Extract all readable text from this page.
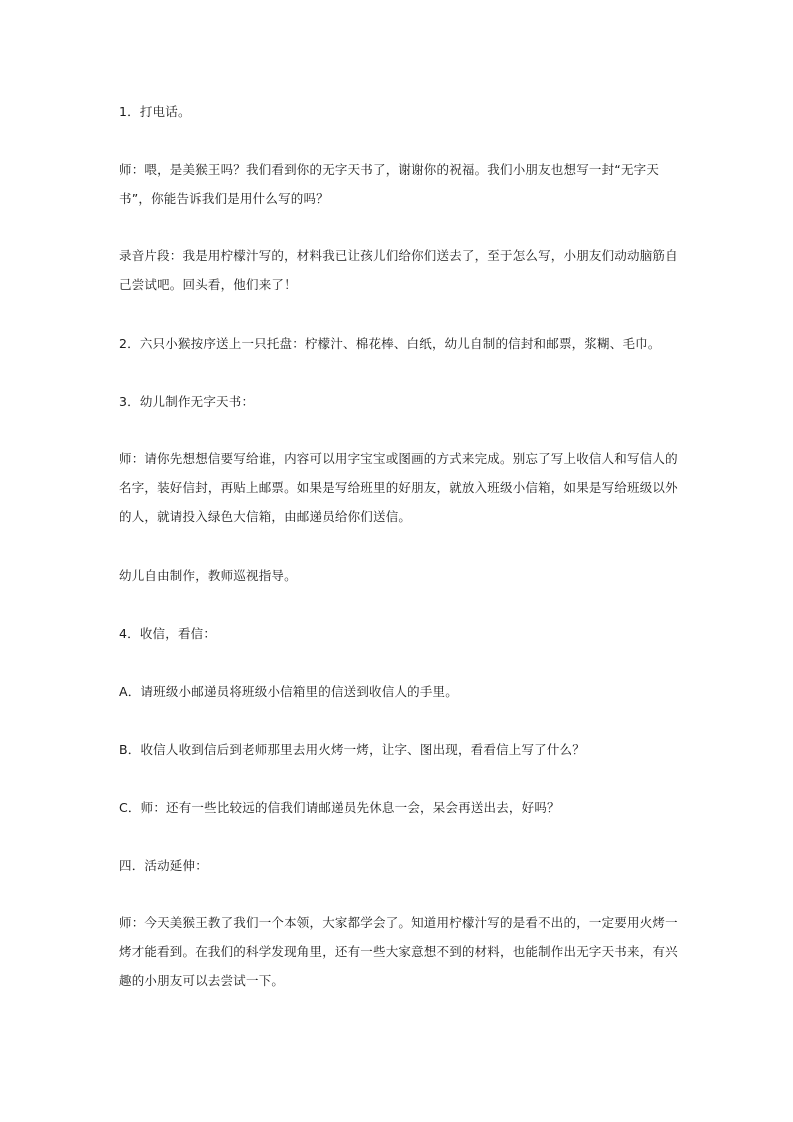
1．打电话。

师：喂，是美猴王吗？我们看到你的无字天书了，谢谢你的祝福。我们小朋友也想写一封“无字天书”，你能告诉我们是用什么写的吗？

录音片段：我是用柠檬汁写的，材料我已让孩儿们给你们送去了，至于怎么写，小朋友们动动脑筋自己尝试吧。回头看，他们来了！

2．六只小猴按序送上一只托盘：柠檬汁、棉花棒、白纸，幼儿自制的信封和邮票，浆糊、毛巾。

3．幼儿制作无字天书：

师：请你先想想信要写给谁，内容可以用字宝宝或图画的方式来完成。别忘了写上收信人和写信人的名字，装好信封，再贴上邮票。如果是写给班里的好朋友，就放入班级小信箱，如果是写给班级以外的人，就请投入绿色大信箱，由邮递员给你们送信。

幼儿自由制作，教师巡视指导。

4．收信，看信：

A．请班级小邮递员将班级小信箱里的信送到收信人的手里。

B．收信人收到信后到老师那里去用火烤一烤，让字、图出现，看看信上写了什么？

C．师：还有一些比较远的信我们请邮递员先休息一会，呆会再送出去，好吗？

四．活动延伸：

师：今天美猴王教了我们一个本领，大家都学会了。知道用柠檬汁写的是看不出的，一定要用火烤一烤才能看到。在我们的科学发现角里，还有一些大家意想不到的材料，也能制作出无字天书来，有兴趣的小朋友可以去尝试一下。
